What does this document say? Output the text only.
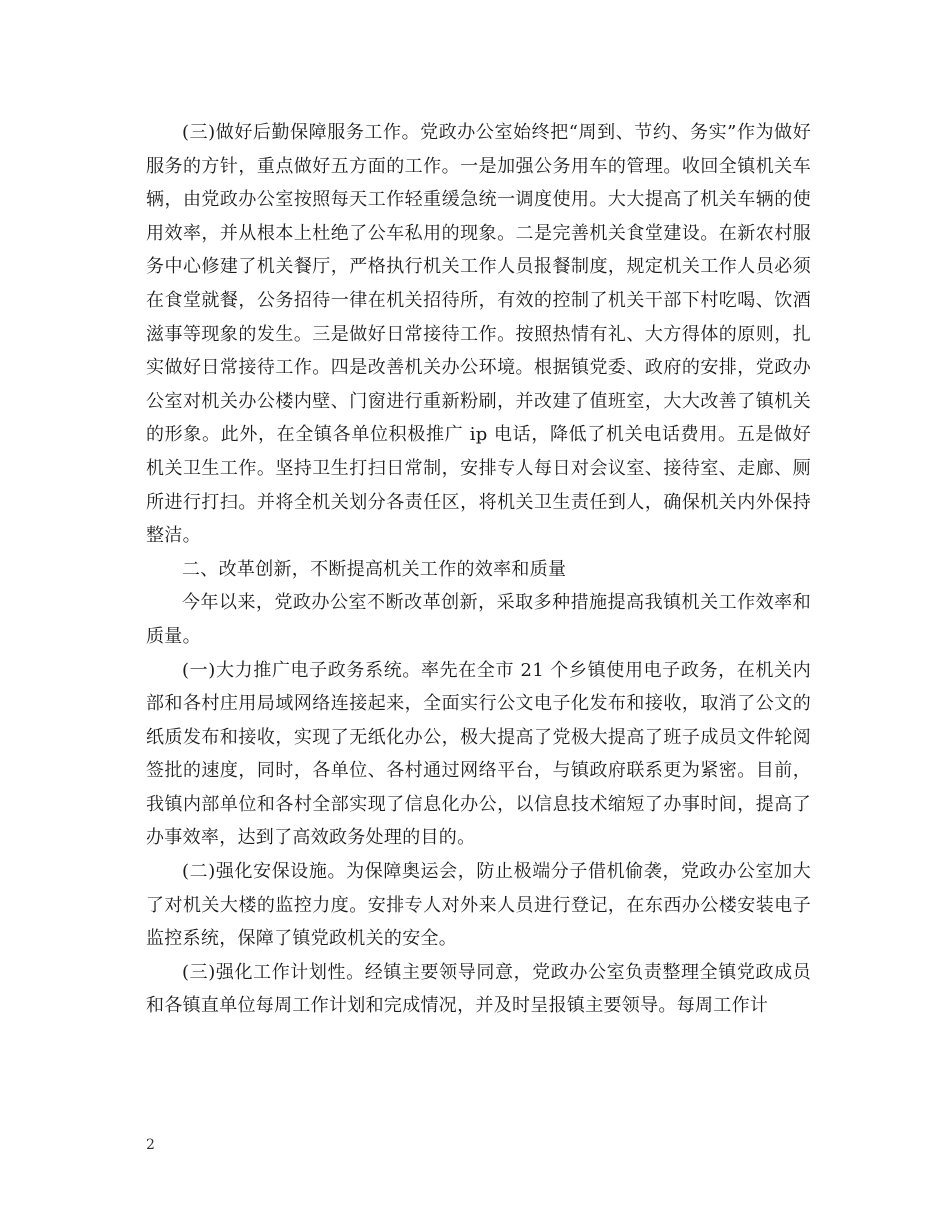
(三)做好后勤保障服务工作。党政办公室始终把“周到、节约、务实”作为做好服务的方针，重点做好五方面的工作。一是加强公务用车的管理。收回全镇机关车辆，由党政办公室按照每天工作轻重缓急统一调度使用。大大提高了机关车辆的使用效率，并从根本上杜绝了公车私用的现象。二是完善机关食堂建设。在新农村服务中心修建了机关餐厅，严格执行机关工作人员报餐制度，规定机关工作人员必须在食堂就餐，公务招待一律在机关招待所，有效的控制了机关干部下村吃喝、饮酒滋事等现象的发生。三是做好日常接待工作。按照热情有礼、大方得体的原则，扎实做好日常接待工作。四是改善机关办公环境。根据镇党委、政府的安排，党政办公室对机关办公楼内壁、门窗进行重新粉刷，并改建了值班室，大大改善了镇机关的形象。此外，在全镇各单位积极推广 ip 电话，降低了机关电话费用。五是做好机关卫生工作。坚持卫生打扫日常制，安排专人每日对会议室、接待室、走廊、厕所进行打扫。并将全机关划分各责任区，将机关卫生责任到人，确保机关内外保持整洁。

二、改革创新，不断提高机关工作的效率和质量

今年以来，党政办公室不断改革创新，采取多种措施提高我镇机关工作效率和质量。

(一)大力推广电子政务系统。率先在全市 21 个乡镇使用电子政务，在机关内部和各村庄用局域网络连接起来，全面实行公文电子化发布和接收，取消了公文的纸质发布和接收，实现了无纸化办公，极大提高了党极大提高了班子成员文件轮阅签批的速度，同时，各单位、各村通过网络平台，与镇政府联系更为紧密。目前，我镇内部单位和各村全部实现了信息化办公，以信息技术缩短了办事时间，提高了办事效率，达到了高效政务处理的目的。

(二)强化安保设施。为保障奥运会，防止极端分子借机偷袭，党政办公室加大了对机关大楼的监控力度。安排专人对外来人员进行登记，在东西办公楼安装电子监控系统，保障了镇党政机关的安全。

(三)强化工作计划性。经镇主要领导同意，党政办公室负责整理全镇党政成员和各镇直单位每周工作计划和完成情况，并及时呈报镇主要领导。每周工作计

2
